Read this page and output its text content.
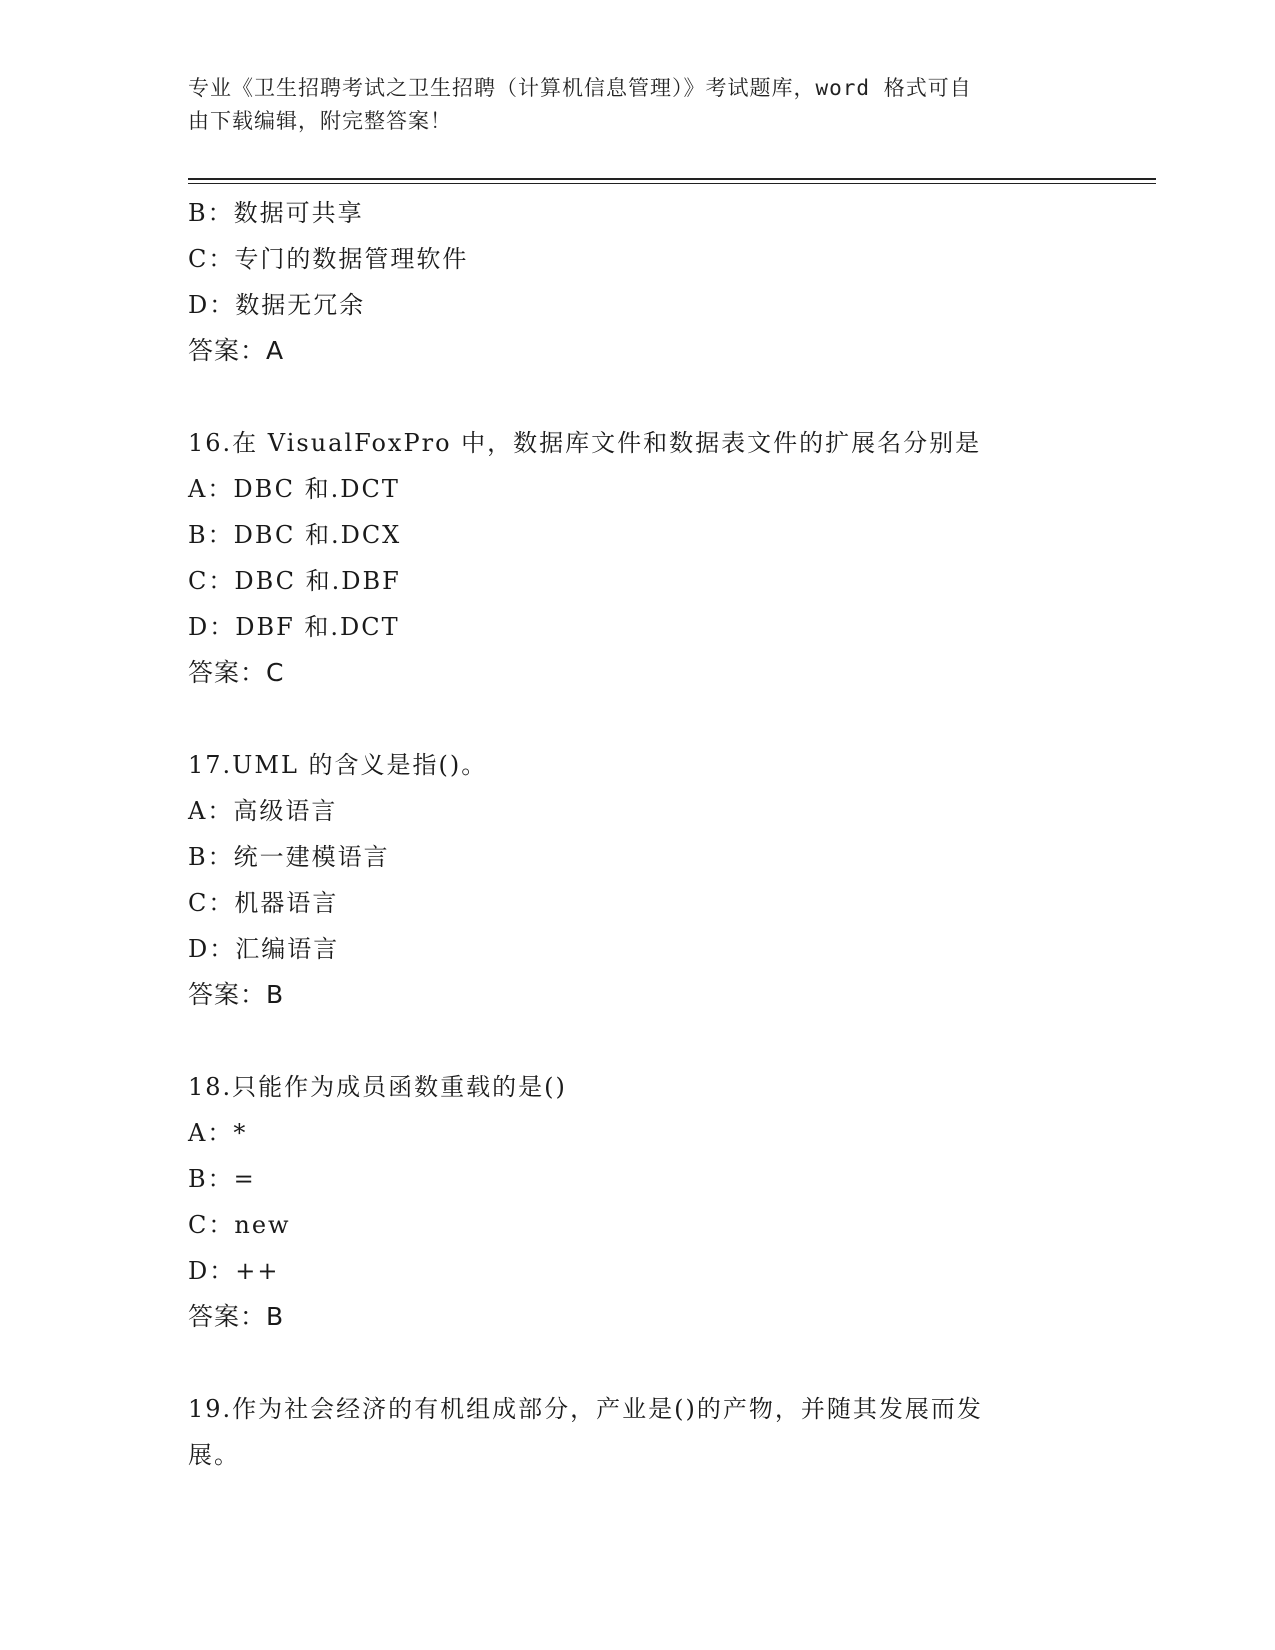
专业《卫生招聘考试之卫生招聘（计算机信息管理）》考试题库，word 格式可自
由下载编辑，附完整答案！
B：数据可共享
C：专门的数据管理软件
D：数据无冗余
答案：A
16.在 VisualFoxPro 中，数据库文件和数据表文件的扩展名分别是
A：DBC 和.DCT
B：DBC 和.DCX
C：DBC 和.DBF
D：DBF 和.DCT
答案：C
17.UML 的含义是指()。
A：高级语言
B：统一建模语言
C：机器语言
D：汇编语言
答案：B
18.只能作为成员函数重载的是()
A：*
B：=
C：new
D：++
答案：B
19.作为社会经济的有机组成部分，产业是()的产物，并随其发展而发
展。
